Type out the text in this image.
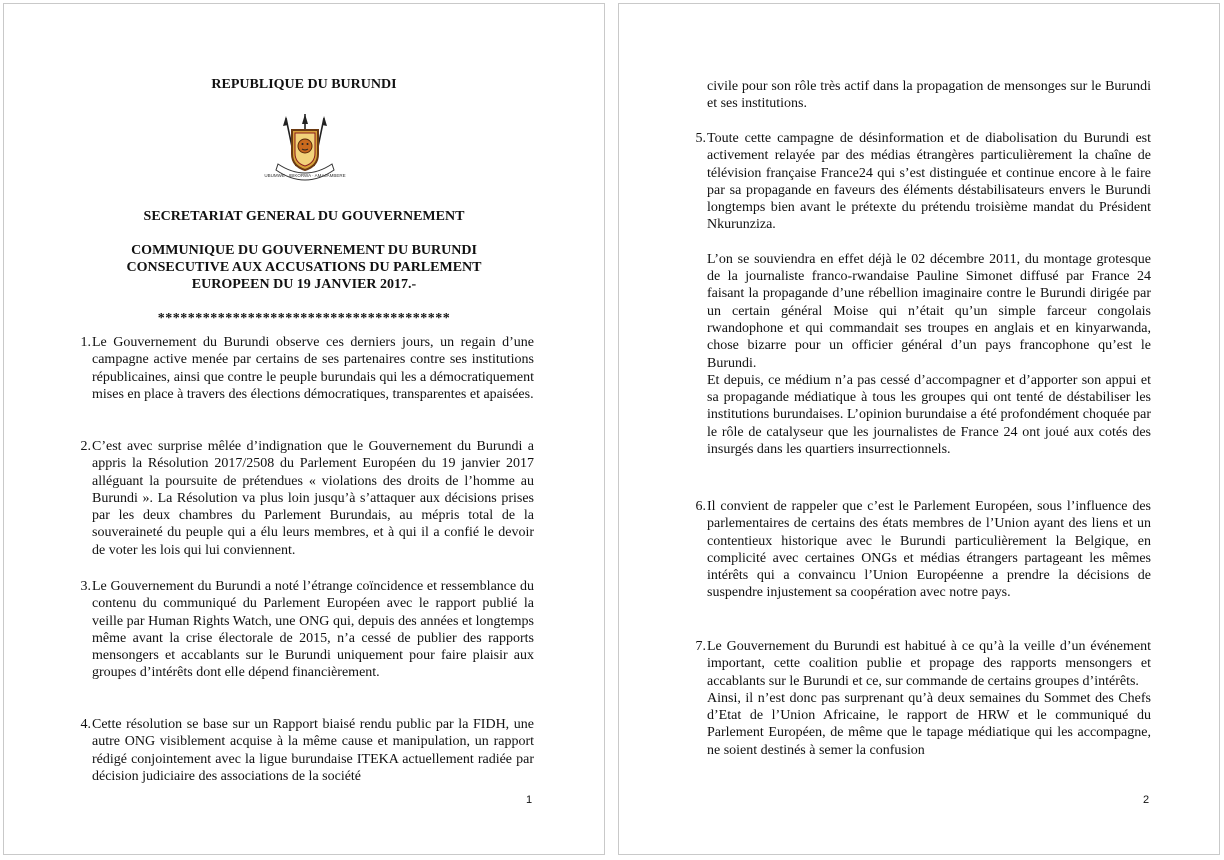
REPUBLIQUE DU BURUNDI
UBUMWE · IBIKORWA · AMAJAMBERE
SECRETARIAT GENERAL DU GOUVERNEMENT
COMMUNIQUE DU GOUVERNEMENT DU BURUNDI
CONSECUTIVE AUX ACCUSATIONS DU PARLEMENT
EUROPEEN DU 19 JANVIER 2017.-
***************************************
1. Le Gouvernement du Burundi observe ces derniers jours, un regain d’une campagne active menée par certains de ses partenaires contre ses institutions républicaines, ainsi que contre le peuple burundais qui les a démocratiquement mises en place à travers des élections démocratiques, transparentes et apaisées.

2. C’est avec surprise mêlée d’indignation que le Gouvernement du Burundi a appris la Résolution 2017/2508 du Parlement Européen du 19 janvier 2017 alléguant la poursuite de prétendues « violations des droits de l’homme au Burundi ». La Résolution va plus loin jusqu’à s’attaquer aux décisions prises par les deux chambres du Parlement Burundais, au mépris total de la souveraineté du peuple qui a élu leurs membres, et à qui il a confié le devoir de voter les lois qui lui conviennent.

3. Le Gouvernement du Burundi a noté l’étrange coïncidence et ressemblance du contenu du communiqué du Parlement Européen avec le rapport publié la veille par Human Rights Watch, une ONG qui, depuis des années et longtemps même avant la crise électorale de 2015, n’a cessé de publier des rapports mensongers et accablants sur le Burundi uniquement pour faire plaisir aux groupes d’intérêts dont elle dépend financièrement.

4. Cette résolution se base sur un Rapport biaisé rendu public par la FIDH, une autre ONG visiblement acquise à la même cause et manipulation, un rapport rédigé conjointement avec la ligue burundaise ITEKA actuellement radiée par décision judiciaire des associations de la société

1

civile pour son rôle très actif dans la propagation de mensonges sur le Burundi et ses institutions.

5. Toute cette campagne de désinformation et de diabolisation du Burundi est activement relayée par des médias étrangères particulièrement la chaîne de télévision française France24 qui s’est distinguée et continue encore à le faire par sa propagande en faveurs des éléments déstabilisateurs envers le Burundi longtemps bien avant le prétexte du prétendu troisième mandat du Président Nkurunziza.

L’on se souviendra en effet déjà le 02 décembre 2011, du montage grotesque de la journaliste franco-rwandaise Pauline Simonet diffusé par France 24 faisant la propagande d’une rébellion imaginaire contre le Burundi dirigée par un certain général Moise qui n’était qu’un simple farceur congolais rwandophone et qui commandait ses troupes en anglais et en kinyarwanda, chose bizarre pour un officier général d’un pays francophone qu’est le Burundi.

Et depuis, ce médium n’a pas cessé d’accompagner et d’apporter son appui et sa propagande médiatique à tous les groupes qui ont tenté de déstabiliser les institutions burundaises. L’opinion burundaise a été profondément choquée par le rôle de catalyseur que les journalistes de France 24 ont joué aux cotés des insurgés dans les quartiers insurrectionnels.

6. Il convient de rappeler que c’est le Parlement Européen, sous l’influence des parlementaires de certains des états membres de l’Union ayant des liens et un contentieux historique avec le Burundi particulièrement la Belgique, en complicité avec certaines ONGs et médias étrangers partageant les mêmes intérêts qui a convaincu l’Union Européenne a prendre la décisions de suspendre injustement sa coopération avec notre pays.

7. Le Gouvernement du Burundi est habitué à ce qu’à la veille d’un événement important, cette coalition publie et propage des rapports mensongers et accablants sur le Burundi et ce, sur commande de certains groupes d’intérêts.

Ainsi, il n’est donc pas surprenant qu’à deux semaines du Sommet des Chefs d’Etat de l’Union Africaine, le rapport de HRW et le communiqué du Parlement Européen, de même que le tapage médiatique qui les accompagne, ne soient destinés à semer la confusion

2
